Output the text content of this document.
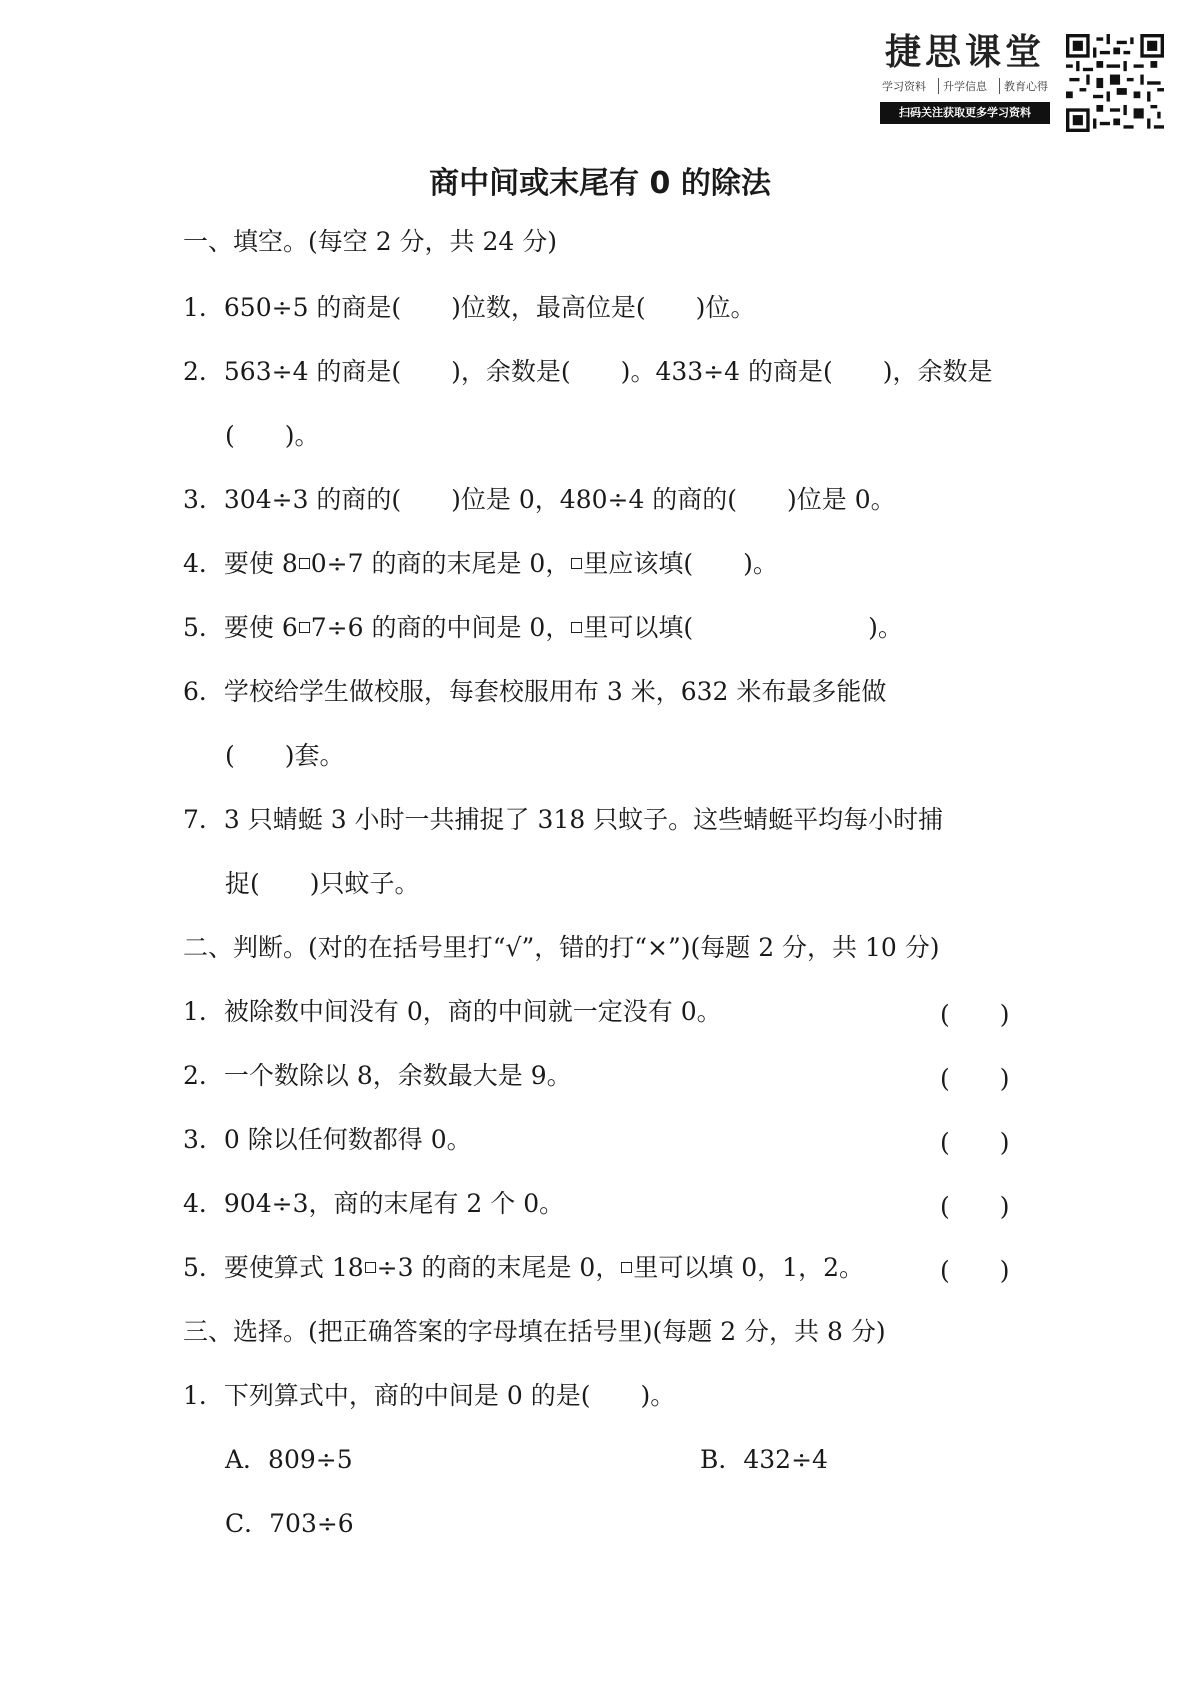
捷思课堂
学习资料	升学信息	教育心得
扫码关注获取更多学习资料
商中间或末尾有 0 的除法
一、填空。(每空 2 分，共 24 分)
1．650÷5 的商是(　　)位数，最高位是(　　)位。
2．563÷4 的商是(　　)，余数是(　　)。433÷4 的商是(　　)，余数是
(　　)。
3．304÷3 的商的(　　)位是 0，480÷4 的商的(　　)位是 0。
4．要使 8 0÷7 的商的末尾是 0， 里应该填(　　)。
5．要使 6 7÷6 的商的中间是 0， 里可以填(　　　　　　　)。
6．学校给学生做校服，每套校服用布 3 米，632 米布最多能做
(　　)套。
7．3 只蜻蜓 3 小时一共捕捉了 318 只蚊子。这些蜻蜓平均每小时捕
捉(　　)只蚊子。
二、判断。(对的在括号里打“√”，错的打“×”)(每题 2 分，共 10 分)
1．被除数中间没有 0，商的中间就一定没有 0。	(　　)
2．一个数除以 8，余数最大是 9。	(　　)
3．0 除以任何数都得 0。	(　　)
4．904÷3，商的末尾有 2 个 0。	(　　)
5．要使算式 18 ÷3 的商的末尾是 0， 里可以填 0，1，2。	(　　)
三、选择。(把正确答案的字母填在括号里)(每题 2 分，共 8 分)
1．下列算式中，商的中间是 0 的是(　　)。
A．809÷5	B．432÷4
C．703÷6
